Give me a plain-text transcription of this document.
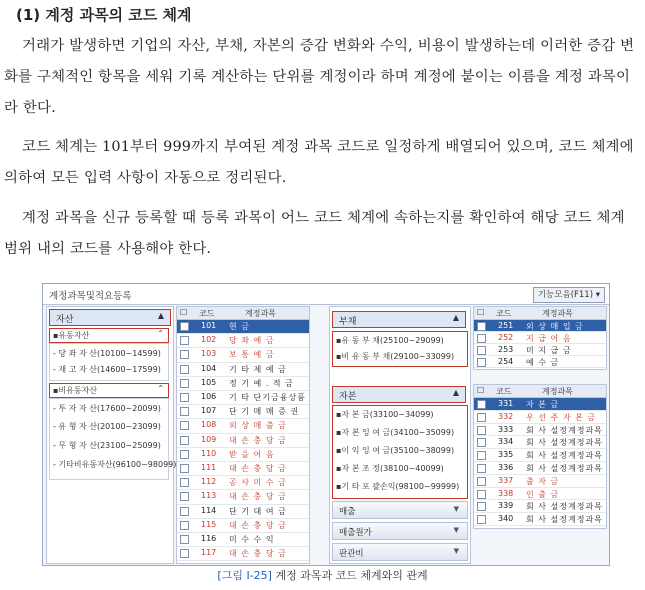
(1) 계정 과목의 코드 체계
거래가 발생하면 기업의 자산, 부채, 자본의 증감 변화와 수익, 비용이 발생하는데 이러한 증감 변화를 구체적인 항목을 세워 기록 계산하는 단위를 계정이라 하며 계정에 붙이는 이름을 계정 과목이라 한다.
코드 체계는 101부터 999까지 부여된 계정 과목 코드로 일정하게 배열되어 있으며, 코드 체계에 의하여 모든 입력 사항이 자동으로 정리된다.
계정 과목을 신규 등록할 때 등록 과목이 어느 코드 체계에 속하는지를 확인하여 해당 코드 체계 범위 내의 코드를 사용해야 한다.
계정과목및적요등록	기능모음(F11) ▾
자산	▲
▪유동자산	⌃
- 당 좌 자 산(10100~14599)
- 재 고 자 산(14600~17599)
▪비유동자산	⌃
- 투 자 자 산(17600~20099)
- 유 형 자 산(20100~23099)
- 무 형 자 산(23100~25099)
- 기타비유동자산(96100~98099)
☐ 코드	계정과목
101 현 금
102 당 좌 예 금
103 보 통 예 금
104 기 타 제 예 금
105 정 기 예 . 적 금
106 기 타 단기금융상품
107 단 기 매 매 증 권
108 외 상 매 출 금
109 대 손 충 당 금
110 받 을 어 음
111 대 손 충 당 금
112 공 사 미 수 금
113 대 손 충 당 금
114 단 기 대 여 금
115 대 손 충 당 금
116 미 수 수 익
117 대 손 충 당 금
부채	▲
▪유 동 부 채(25100~29099)
▪비 유 동 부 채(29100~33099)
자본	▲
▪자 본 금(33100~34099)
▪자 본 잉 여 금(34100~35099)
▪이 익 잉 여 금(35100~38099)
▪자 본 조 정(38100~40099)
▪기 타 포 괄손익(98100~99999)
매출	▼
매출원가	▼
판관비	▼
☐ 코드	계정과목
251 외 상 매 입 금
252 지 급 어 음
253 미 지 급 금
254 예 수 금
☐ 코드	계정과목
331 자 본 금
332 우 선 주 자 본 금
333 회 사 설정계정과목
334 회 사 설정계정과목
335 회 사 설정계정과목
336 회 사 설정계정과목
337 출 자 금
338 인 출 금
339 회 사 설정계정과목
340 회 사 설정계정과목
[그림 Ⅰ-25] 계정 과목과 코드 체계와의 관계
